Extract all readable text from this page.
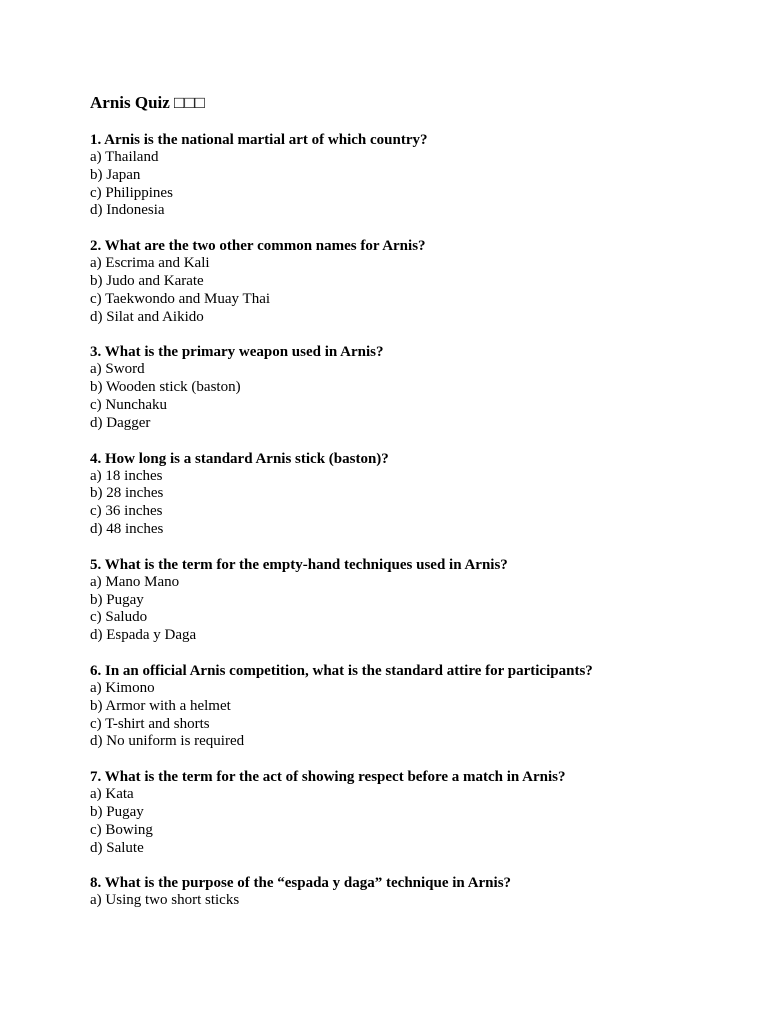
Arnis Quiz □□□
1. Arnis is the national martial art of which country?
a) Thailand
b) Japan
c) Philippines
d) Indonesia
2. What are the two other common names for Arnis?
a) Escrima and Kali
b) Judo and Karate
c) Taekwondo and Muay Thai
d) Silat and Aikido
3. What is the primary weapon used in Arnis?
a) Sword
b) Wooden stick (baston)
c) Nunchaku
d) Dagger
4. How long is a standard Arnis stick (baston)?
a) 18 inches
b) 28 inches
c) 36 inches
d) 48 inches
5. What is the term for the empty-hand techniques used in Arnis?
a) Mano Mano
b) Pugay
c) Saludo
d) Espada y Daga
6. In an official Arnis competition, what is the standard attire for participants?
a) Kimono
b) Armor with a helmet
c) T-shirt and shorts
d) No uniform is required
7. What is the term for the act of showing respect before a match in Arnis?
a) Kata
b) Pugay
c) Bowing
d) Salute
8. What is the purpose of the “espada y daga” technique in Arnis?
a) Using two short sticks
